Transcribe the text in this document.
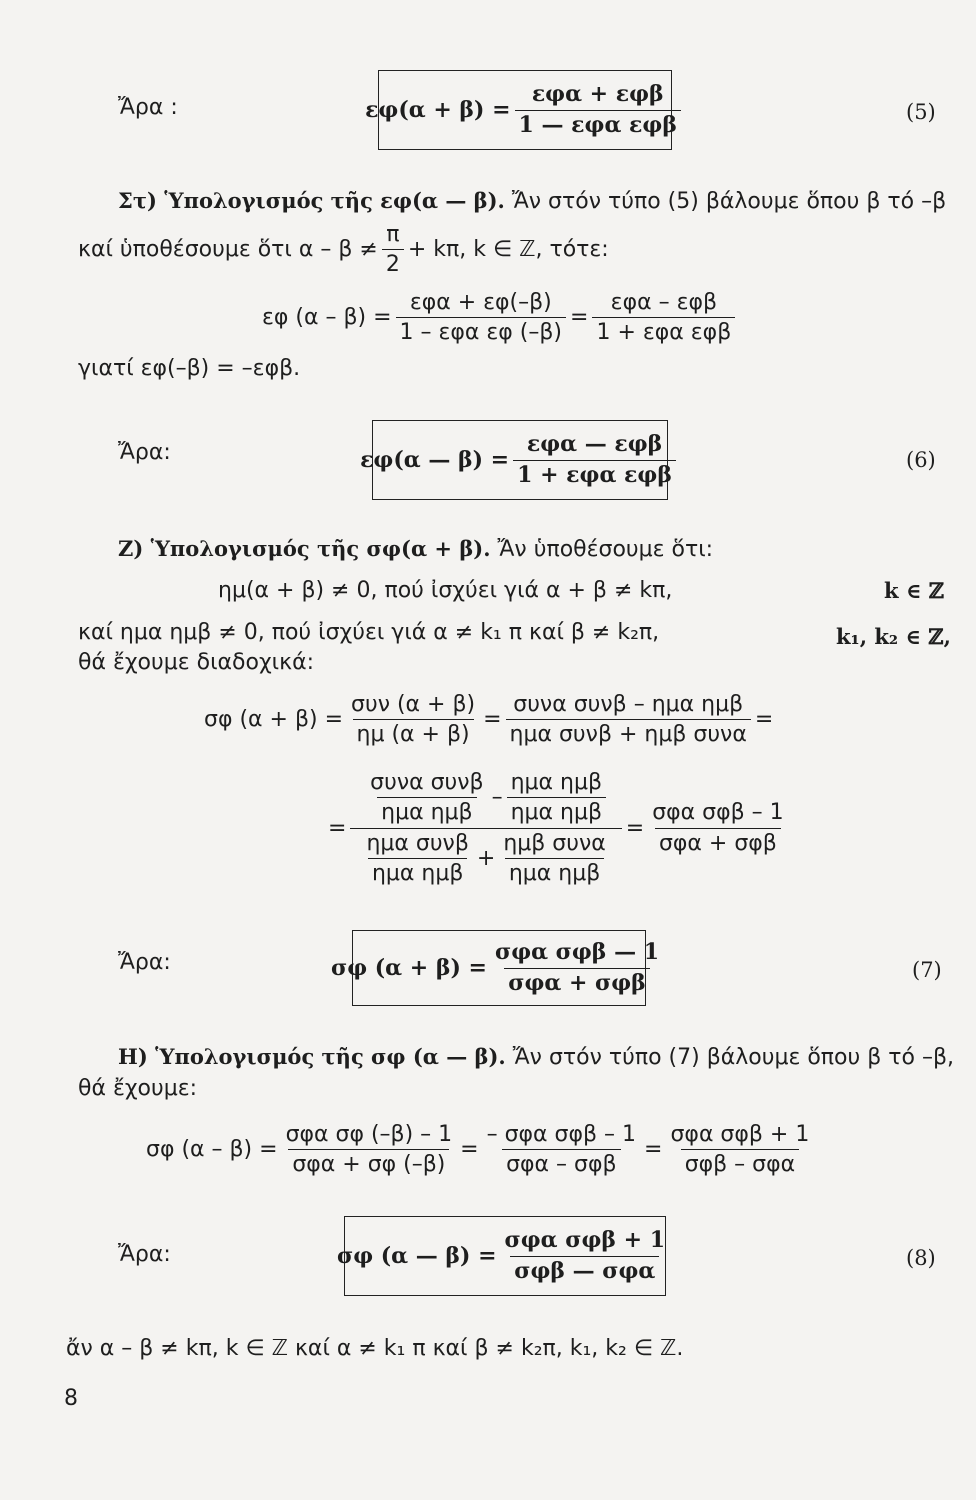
Ἄρα :	$\varepsilon\varphi(\alpha + \beta) = \frac{\text{εφα + εφβ}}{\text{1 — εφα εφβ}}$	(5)
Στ) Ὑπολογισμός τῆς εφ(α — β). Ἄν στόν τύπο (5) βάλουμε ὅπου β τό –β
καί ὑποθέσουμε ὅτι $\alpha - \beta \ne \frac{\pi}{2} + k\pi$, k ∈ ℤ, τότε:
εφ $(\alpha - \beta) = \frac{\text{εφα + εφ(–β)}}{\text{1 – εφα εφ (–β)}} = \frac{\text{εφα – εφβ}}{\text{1 + εφα εφβ}}$
γιατί εφ(–β) = –εφβ.
Ἄρα:	εφ(α — $\beta) = \frac{\text{εφα — εφβ}}{\text{1 + εφα εφβ}}$	(6)
Ζ) Ὑπολογισμός τῆς σφ(α + β). Ἄν ὑποθέσουμε ὅτι:
ημ(α + β) ≠ 0, πού ἰσχύει γιά α + β ≠ kπ,	k ∈ ℤ
καί ημα ημβ ≠ 0, πού ἰσχύει γιά α ≠ k₁ π καί β ≠ k₂π,	k₁, k₂ ∈ ℤ,
θά ἔχουμε διαδοχικά:
σφ $(\alpha + \beta) = \frac{\text{συν (α + β)}}{\eta\mu (\alpha + \beta)} = \frac{\text{συνα συνβ – ημα ημβ}}{\text{ημα συνβ + ημβ συνα}}$ =
=
$\frac{\text{συνα συνβ}}{\text{ημα ημβ}} - \frac{\text{ημα ημβ}}{\text{ημα ημβ}}$
$\frac{\text{ημα συνβ}}{\text{ημα ημβ}} + \frac{\text{ημβ συνα}}{\text{ημα ημβ}}$
= $\frac{\text{σφα σφβ – 1}}{\text{σφα + σφβ}}$
Ἄρα:	σφ $(\alpha + \beta) = \frac{\text{σφα σφβ — 1}}{\text{σφα + σφβ}}$	(7)
Η) Ὑπολογισμός τῆς σφ (α — β). Ἄν στόν τύπο (7) βάλουμε ὅπου β τό –β,
θά ἔχουμε:
σφ $(\alpha - \beta) = \frac{\text{σφα σφ (–β) – 1}}{\text{σφα + σφ (–β)}} = \frac{\text{– σφα σφβ – 1}}{\text{σφα – σφβ}} = \frac{\text{σφα σφβ + 1}}{\text{σφβ – σφα}}$
Ἄρα:	σφ (α — $\beta) = \frac{\text{σφα σφβ + 1}}{\text{σφβ — σφα}}$	(8)
ἄν α – β ≠ kπ, k ∈ ℤ καί α ≠ k₁ π καί β ≠ k₂π, k₁, k₂ ∈ ℤ.
8
